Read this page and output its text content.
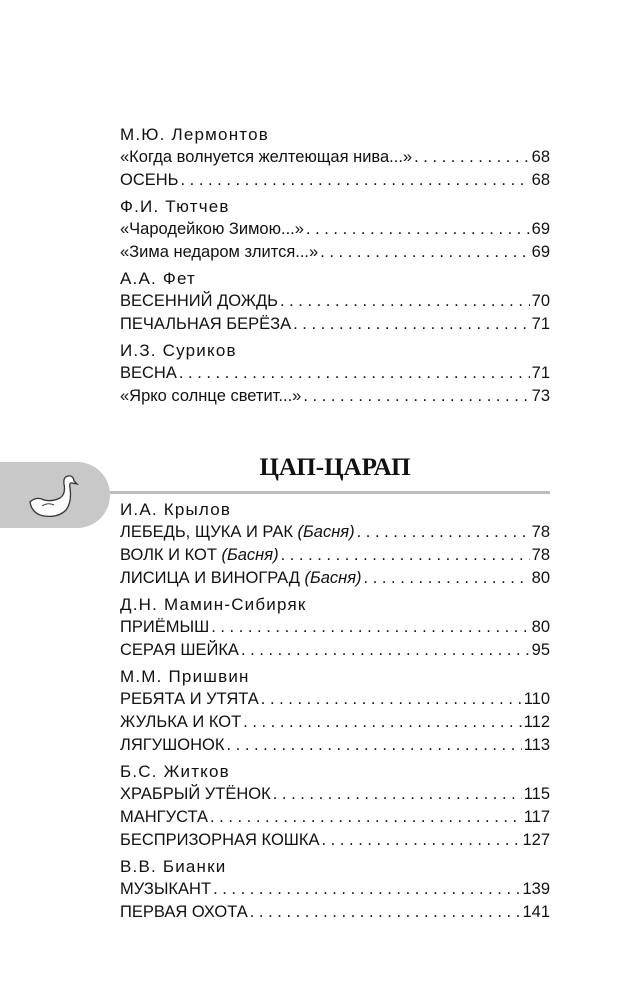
М.Ю. Лермонтов
«Когда волнуется желтеющая нива...» . . .	68
ОСЕНЬ . . .	68
Ф.И. Тютчев
«Чародейкою Зимою...» . . .	69
«Зима недаром злится...» . . .	69
А.А. Фет
ВЕСЕННИЙ ДОЖДЬ . . .	70
ПЕЧАЛЬНАЯ БЕРЁЗА . . .	71
И.З. Суриков
ВЕСНА . . .	71
«Ярко солнце светит...» . . .	73
ЦАП-ЦАРАП
И.А. Крылов
ЛЕБЕДЬ, ЩУКА И РАК (Басня) . . .	78
ВОЛК И КОТ (Басня) . . .	78
ЛИСИЦА И ВИНОГРАД (Басня) . . .	80
Д.Н. Мамин-Сибиряк
ПРИЁМЫШ . . .	80
СЕРАЯ ШЕЙКА . . .	95
М.М. Пришвин
РЕБЯТА И УТЯТА . . .	110
ЖУЛЬКА И КОТ . . .	112
ЛЯГУШОНОК . . .	113
Б.С. Житков
ХРАБРЫЙ УТЁНОК . . .	115
МАНГУСТА . . .	117
БЕСПРИЗОРНАЯ КОШКА . . .	127
В.В. Бианки
МУЗЫКАНТ . . .	139
ПЕРВАЯ ОХОТА . . .	141
